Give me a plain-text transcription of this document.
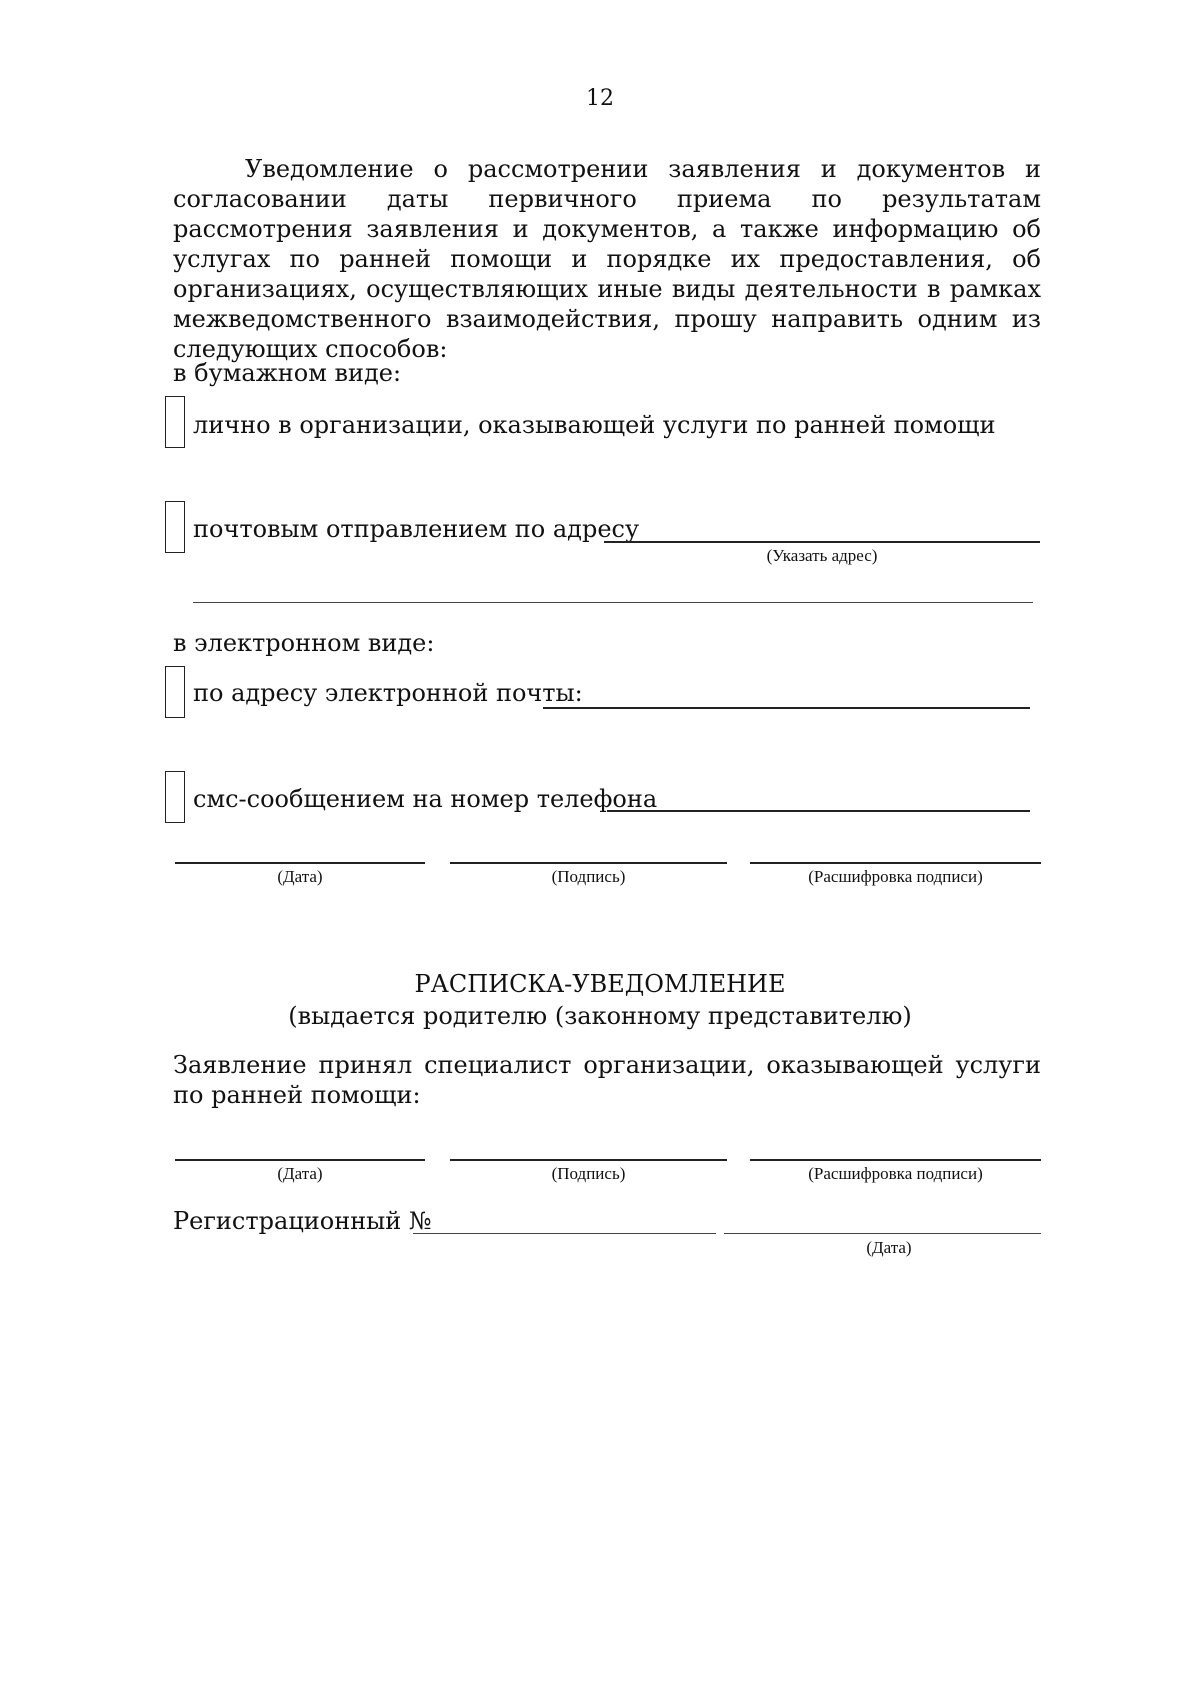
12
Уведомление о рассмотрении заявления и документов и согласовании даты первичного приема по результатам рассмотрения заявления и документов, а также информацию об услугах по ранней помощи и порядке их предоставления, об организациях, осуществляющих иные виды деятельности в рамках межведомственного взаимодействия, прошу направить одним из следующих способов:
в бумажном виде:
лично в организации, оказывающей услуги по ранней помощи
почтовым отправлением по адресу
(Указать адрес)
в электронном виде:
по адресу электронной почты:
смс-сообщением на номер телефона
(Дата)	(Подпись)	(Расшифровка подписи)
РАСПИСКА-УВЕДОМЛЕНИЕ
(выдается родителю (законному представителю)
Заявление принял специалист организации, оказывающей услуги по ранней помощи:
(Дата)	(Подпись)	(Расшифровка подписи)
Регистрационный №
(Дата)
